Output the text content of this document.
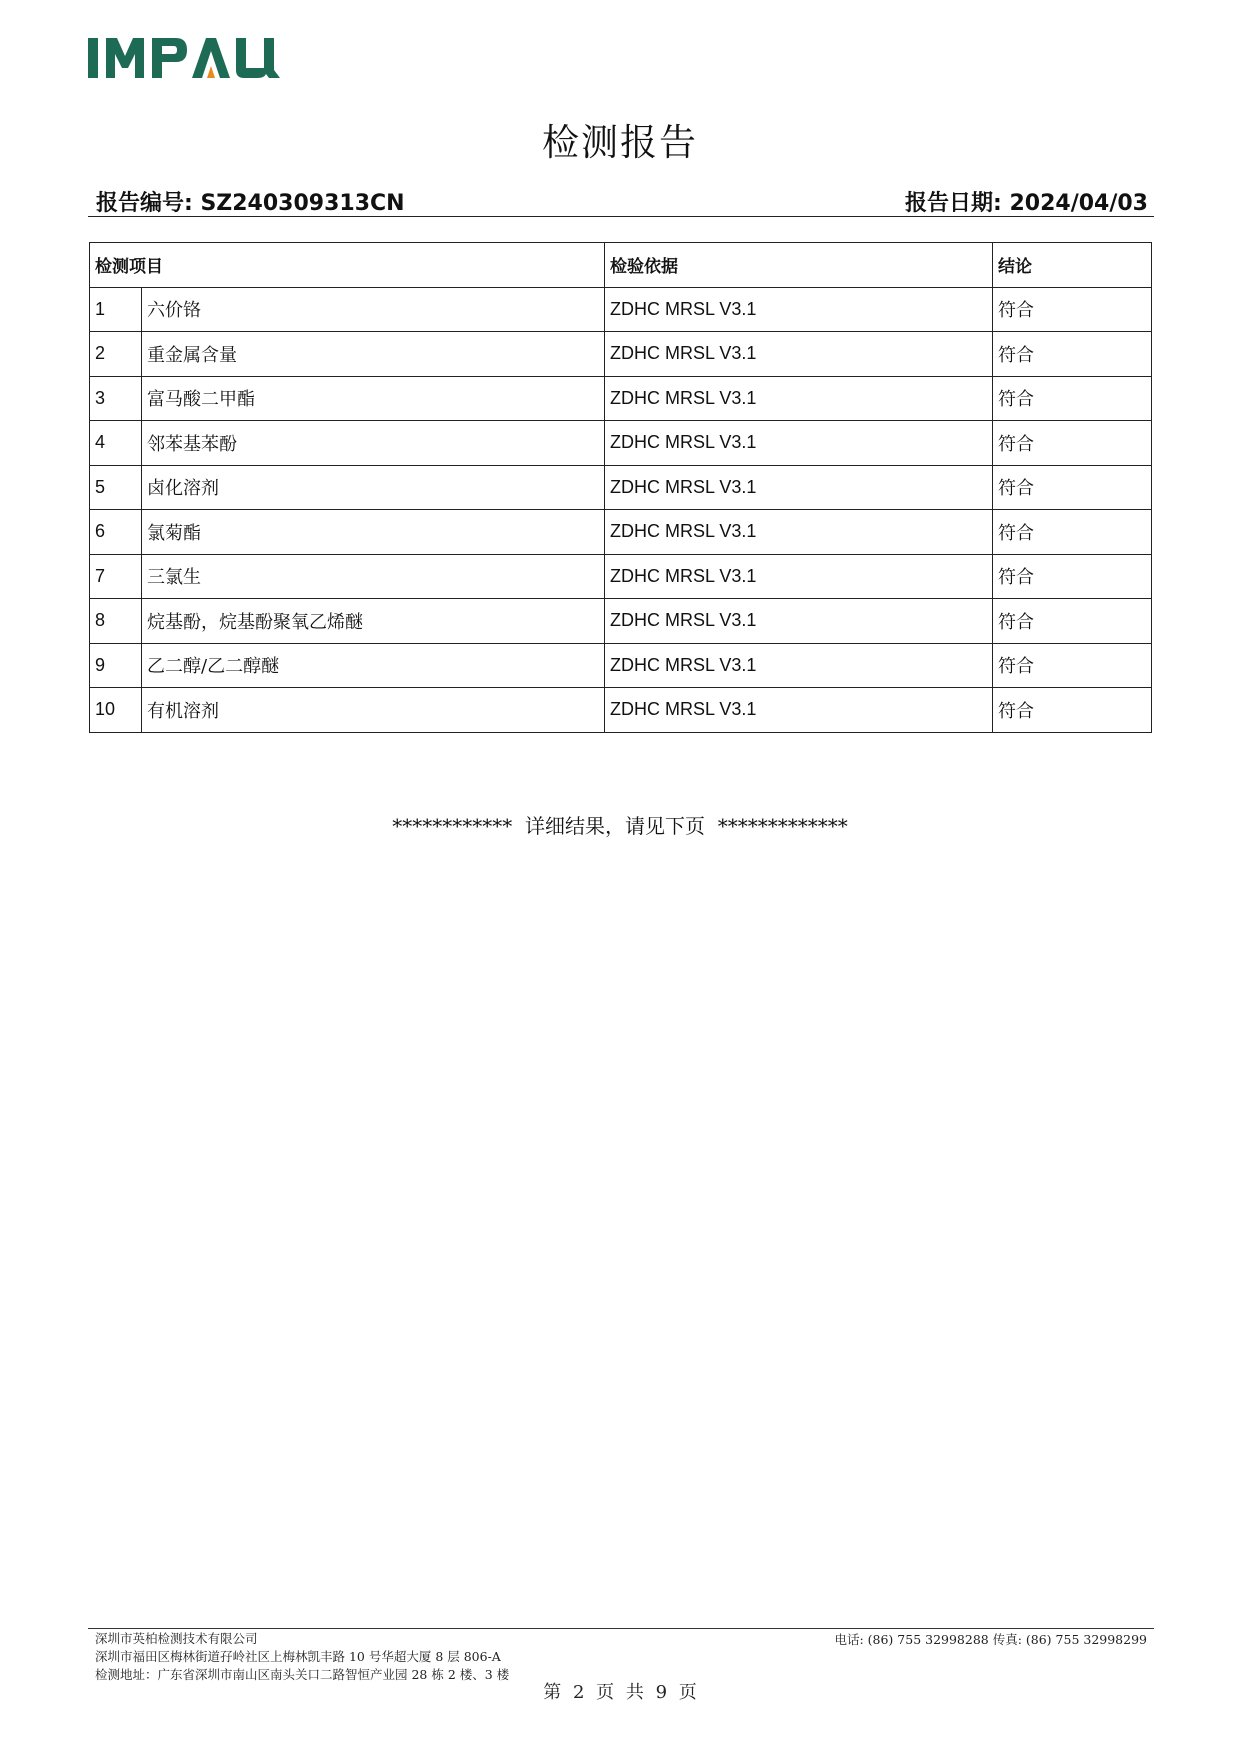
检测报告
报告编号: SZ240309313CN	报告日期: 2024/04/03
检测项目		检验依据	结论
1	六价铬	ZDHC MRSL V3.1	符合
2	重金属含量	ZDHC MRSL V3.1	符合
3	富马酸二甲酯	ZDHC MRSL V3.1	符合
4	邻苯基苯酚	ZDHC MRSL V3.1	符合
5	卤化溶剂	ZDHC MRSL V3.1	符合
6	氯菊酯	ZDHC MRSL V3.1	符合
7	三氯生	ZDHC MRSL V3.1	符合
8	烷基酚，烷基酚聚氧乙烯醚	ZDHC MRSL V3.1	符合
9	乙二醇/乙二醇醚	ZDHC MRSL V3.1	符合
10	有机溶剂	ZDHC MRSL V3.1	符合
************  详细结果，请见下页  *************
深圳市英柏检测技术有限公司
深圳市福田区梅林街道孖岭社区上梅林凯丰路 10 号华超大厦 8 层 806-A
检测地址：广东省深圳市南山区南头关口二路智恒产业园 28 栋 2 楼、3 楼
电话: (86) 755 32998288 传真: (86) 755 32998299
第 2 页 共 9 页
